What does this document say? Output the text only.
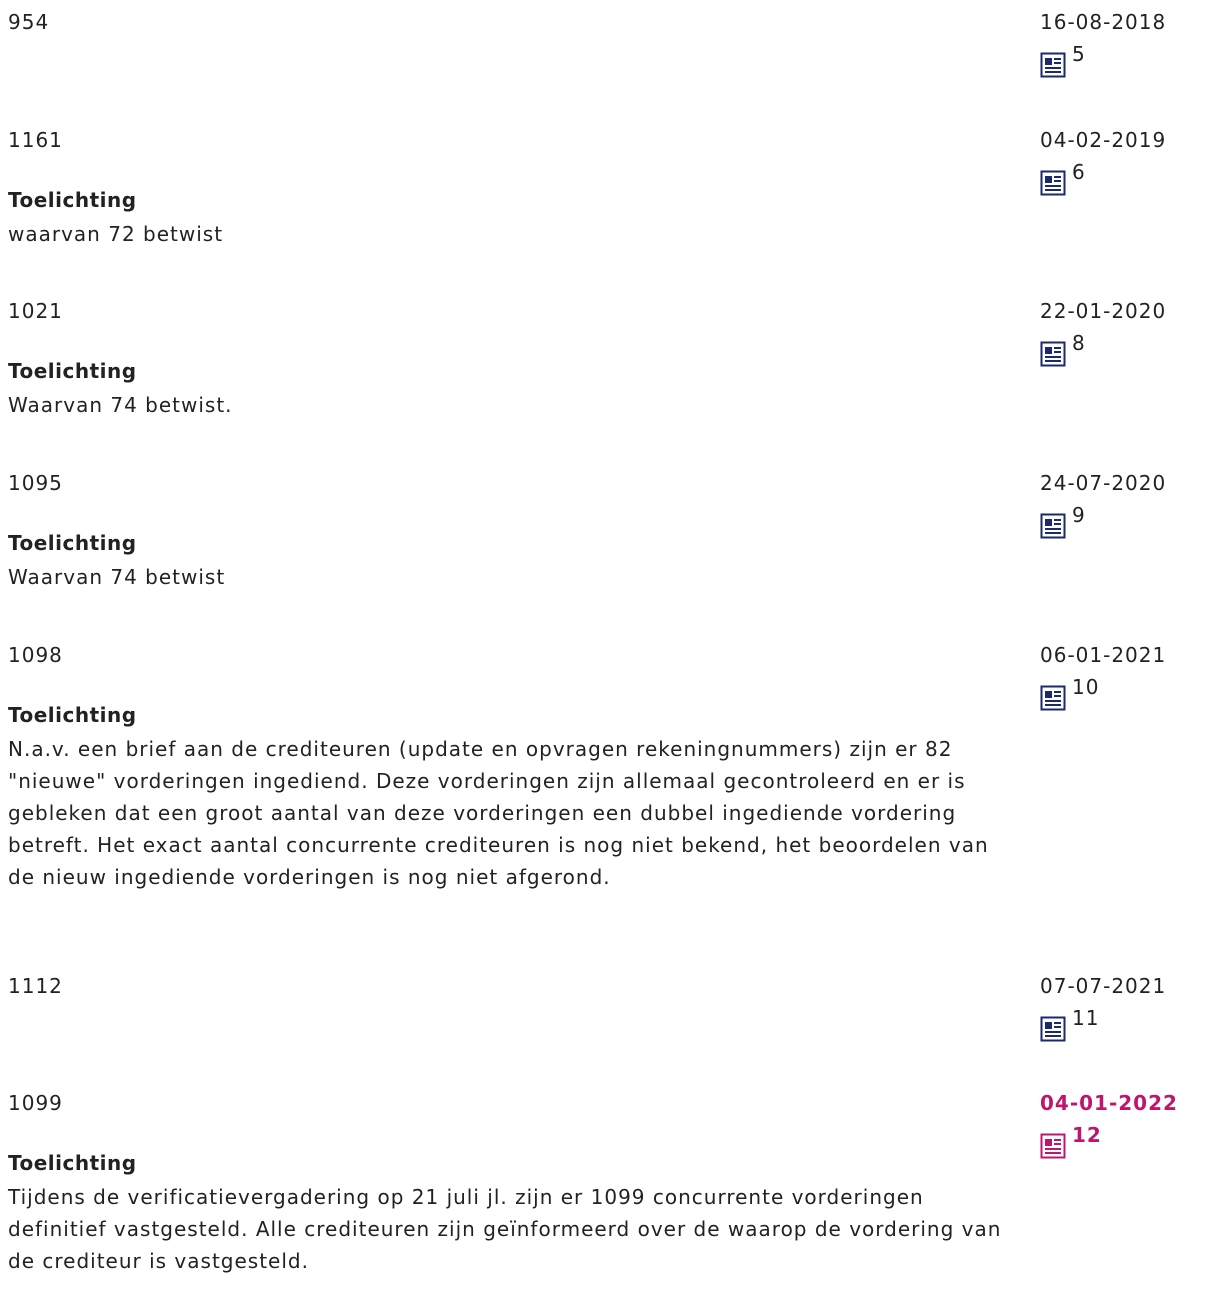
954	16-08-2018
5
1161
Toelichting
waarvan 72 betwist
04-02-2019
6
1021
Toelichting
Waarvan 74 betwist.
22-01-2020
8
1095
Toelichting
Waarvan 74 betwist
24-07-2020
9
1098
Toelichting
N.a.v. een brief aan de crediteuren (update en opvragen rekeningnummers) zijn er 82 "nieuwe" vorderingen ingediend. Deze vorderingen zijn allemaal gecontroleerd en er is gebleken dat een groot aantal van deze vorderingen een dubbel ingediende vordering betreft. Het exact aantal concurrente crediteuren is nog niet bekend, het beoordelen van de nieuw ingediende vorderingen is nog niet afgerond.
06-01-2021
10
1112	07-07-2021
11
1099
Toelichting
Tijdens de verificatievergadering op 21 juli jl. zijn er 1099 concurrente vorderingen definitief vastgesteld. Alle crediteuren zijn geïnformeerd over de waarop de vordering van de crediteur is vastgesteld.
04-01-2022
12
